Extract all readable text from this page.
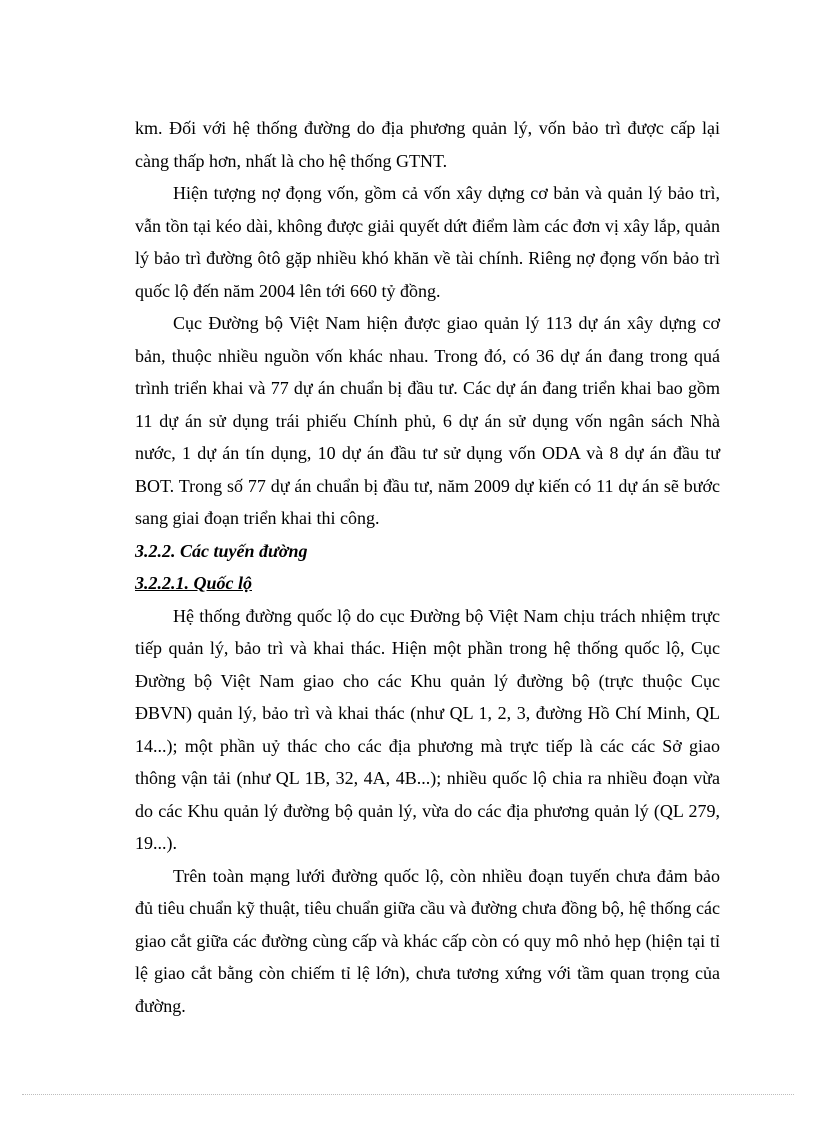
km. Đối với hệ thống đường do địa phương quản lý, vốn bảo trì được cấp lại càng thấp hơn, nhất là cho hệ thống GTNT.

Hiện tượng nợ đọng vốn, gồm cả vốn xây dựng cơ bản và quản lý bảo trì, vẫn tồn tại kéo dài, không được giải quyết dứt điểm làm các đơn vị xây lắp, quản lý bảo trì đường ôtô gặp nhiều khó khăn về tài chính. Riêng nợ đọng vốn bảo trì quốc lộ đến năm 2004 lên tới 660 tỷ đồng.

Cục Đường bộ Việt Nam hiện được giao quản lý 113 dự án xây dựng cơ bản, thuộc nhiều nguồn vốn khác nhau. Trong đó, có 36 dự án đang trong quá trình triển khai và 77 dự án chuẩn bị đầu tư. Các dự án đang triển khai bao gồm 11 dự án sử dụng trái phiếu Chính phủ, 6 dự án sử dụng vốn ngân sách Nhà nước, 1 dự án tín dụng, 10 dự án đầu tư sử dụng vốn ODA và 8 dự án đầu tư BOT. Trong số 77 dự án chuẩn bị đầu tư, năm 2009 dự kiến có 11 dự án sẽ bước sang giai đoạn triển khai thi công.

3.2.2. Các tuyến đường

3.2.2.1. Quốc lộ

Hệ thống đường quốc lộ do cục Đường bộ Việt Nam chịu trách nhiệm trực tiếp quản lý, bảo trì và khai thác. Hiện một phần trong hệ thống quốc lộ, Cục Đường bộ Việt Nam giao cho các Khu quản lý đường bộ (trực thuộc Cục ĐBVN) quản lý, bảo trì và khai thác (như QL 1, 2, 3, đường Hồ Chí Minh, QL 14...); một phần uỷ thác cho các địa phương mà trực tiếp là các các Sở giao thông vận tải (như QL 1B, 32, 4A, 4B...); nhiều quốc lộ chia ra nhiều đoạn vừa do các Khu quản lý đường bộ quản lý, vừa do các địa phương quản lý (QL 279, 19...).

Trên toàn mạng lưới đường quốc lộ, còn nhiều đoạn tuyến chưa đảm bảo đủ tiêu chuẩn kỹ thuật, tiêu chuẩn giữa cầu và đường chưa đồng bộ, hệ thống các giao cắt giữa các đường cùng cấp và khác cấp còn có quy mô nhỏ hẹp (hiện tại tỉ lệ giao cắt bằng còn chiếm tỉ lệ lớn), chưa tương xứng với tầm quan trọng của đường.
